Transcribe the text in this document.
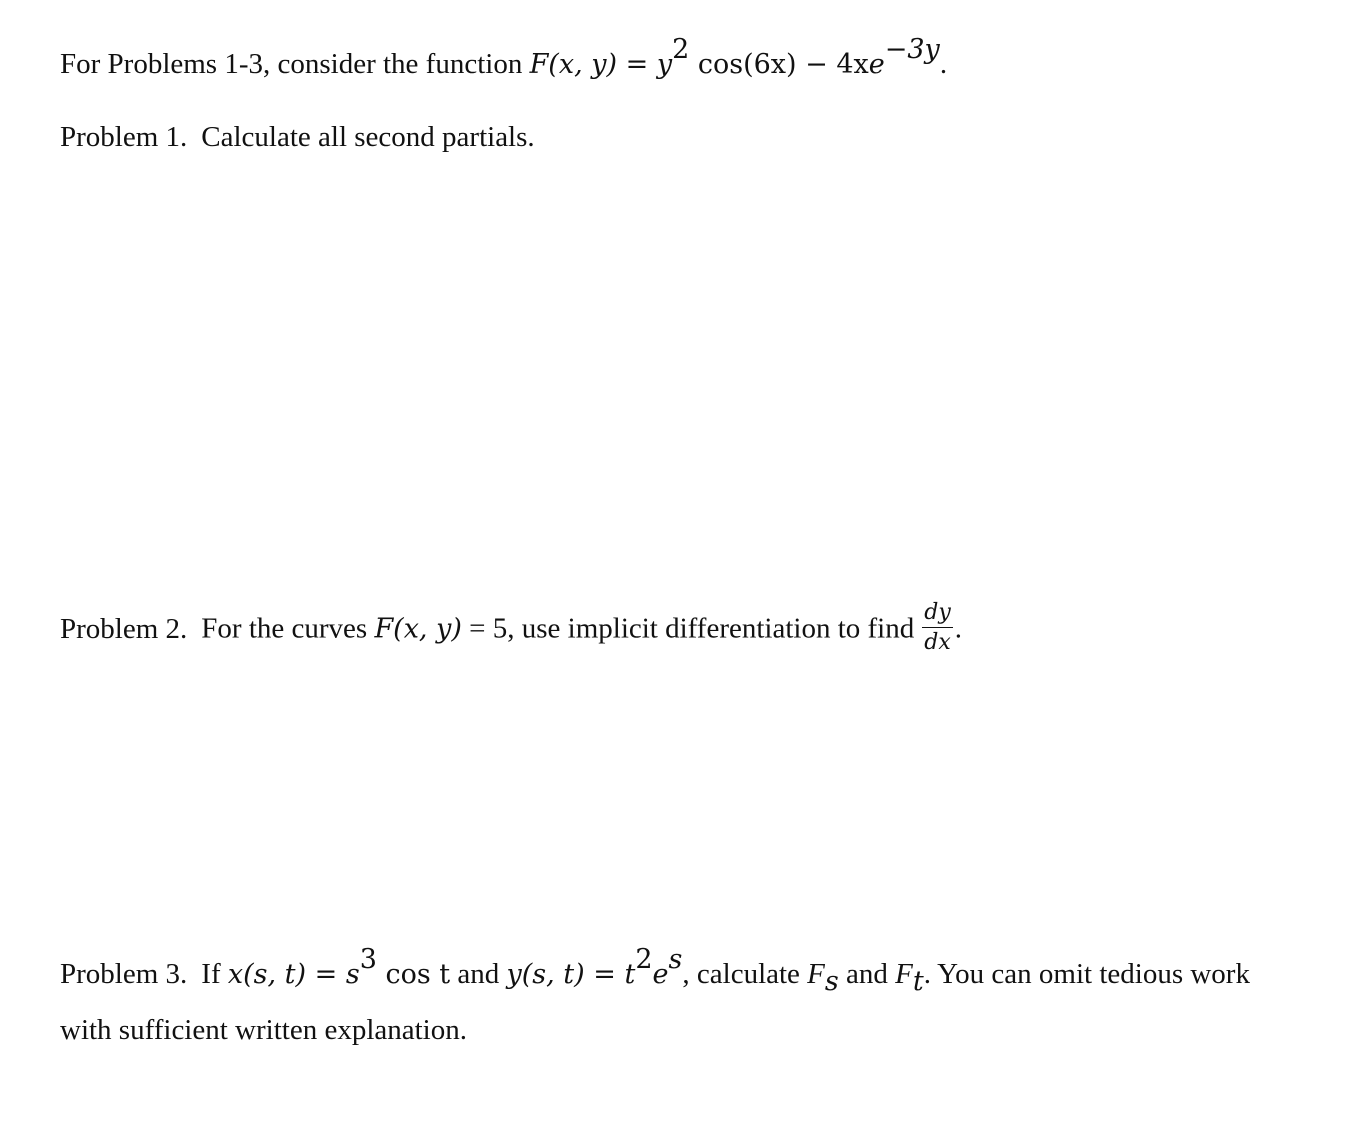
For Problems 1-3, consider the function F(x, $y) = y^2$ $\cos(6x) - 4xe^{-3y}$.
Problem 1. Calculate all second partials.
Problem 2. For the curves F(x, y) = 5, use implicit differentiation to find $\frac{dy}{dx}$ .
Problem 3. If x(s, $t) = s^3$ cos t and y(s, $t) = t^2e^s$, calculate $F_s$ and $F_t$. You can omit tedious work
with sufficient written explanation.
